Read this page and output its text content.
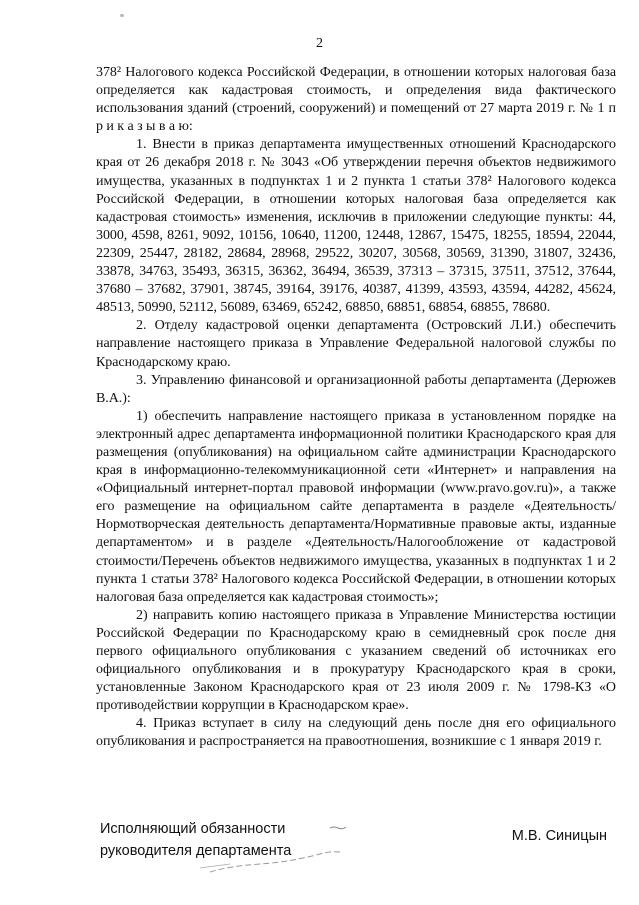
2

378² Налогового кодекса Российской Федерации, в отношении которых налоговая база определяется как кадастровая стоимость, и определения вида фактического использования зданий (строений, сооружений) и помещений от 27 марта 2019 г. № 1 п р и к а з ы в а ю:

1. Внести в приказ департамента имущественных отношений Краснодарского края от 26 декабря 2018 г. № 3043 «Об утверждении перечня объектов недвижимого имущества, указанных в подпунктах 1 и 2 пункта 1 статьи 378² Налогового кодекса Российской Федерации, в отношении которых налоговая база определяется как кадастровая стоимость» изменения, исключив в приложении следующие пункты: 44, 3000, 4598, 8261, 9092, 10156, 10640, 11200, 12448, 12867, 15475, 18255, 18594, 22044, 22309, 25447, 28182, 28684, 28968, 29522, 30207, 30568, 30569, 31390, 31807, 32436, 33878, 34763, 35493, 36315, 36362, 36494, 36539, 37313 – 37315, 37511, 37512, 37644, 37680 – 37682, 37901, 38745, 39164, 39176, 40387, 41399, 43593, 43594, 44282, 45624, 48513, 50990, 52112, 56089, 63469, 65242, 68850, 68851, 68854, 68855, 78680.

2. Отделу кадастровой оценки департамента (Островский Л.И.) обеспечить направление настоящего приказа в Управление Федеральной налоговой службы по Краснодарскому краю.

3. Управлению финансовой и организационной работы департамента (Дерюжев В.А.):

1) обеспечить направление настоящего приказа в установленном порядке на электронный адрес департамента информационной политики Краснодарского края для размещения (опубликования) на официальном сайте администрации Краснодарского края в информационно-телекоммуникационной сети «Интернет» и направления на «Официальный интернет-портал правовой информации (www.pravo.gov.ru)», а также его размещение на официальном сайте департамента в разделе «Деятельность/Нормотворческая деятельность департамента/Нормативные правовые акты, изданные департаментом» и в разделе «Деятельность/Налогообложение от кадастровой стоимости/Перечень объектов недвижимого имущества, указанных в подпунктах 1 и 2 пункта 1 статьи 378² Налогового кодекса Российской Федерации, в отношении которых налоговая база определяется как кадастровая стоимость»;

2) направить копию настоящего приказа в Управление Министерства юстиции Российской Федерации по Краснодарскому краю в семидневный срок после дня первого официального опубликования с указанием сведений об источниках его официального опубликования и в прокуратуру Краснодарского края в сроки, установленные Законом Краснодарского края от 23 июля 2009 г. № 1798-КЗ «О противодействии коррупции в Краснодарском крае».

4. Приказ вступает в силу на следующий день после дня его официального опубликования и распространяется на правоотношения, возникшие с 1 января 2019 г.

Исполняющий обязанности
руководителя департамента
М.В. Синицын
